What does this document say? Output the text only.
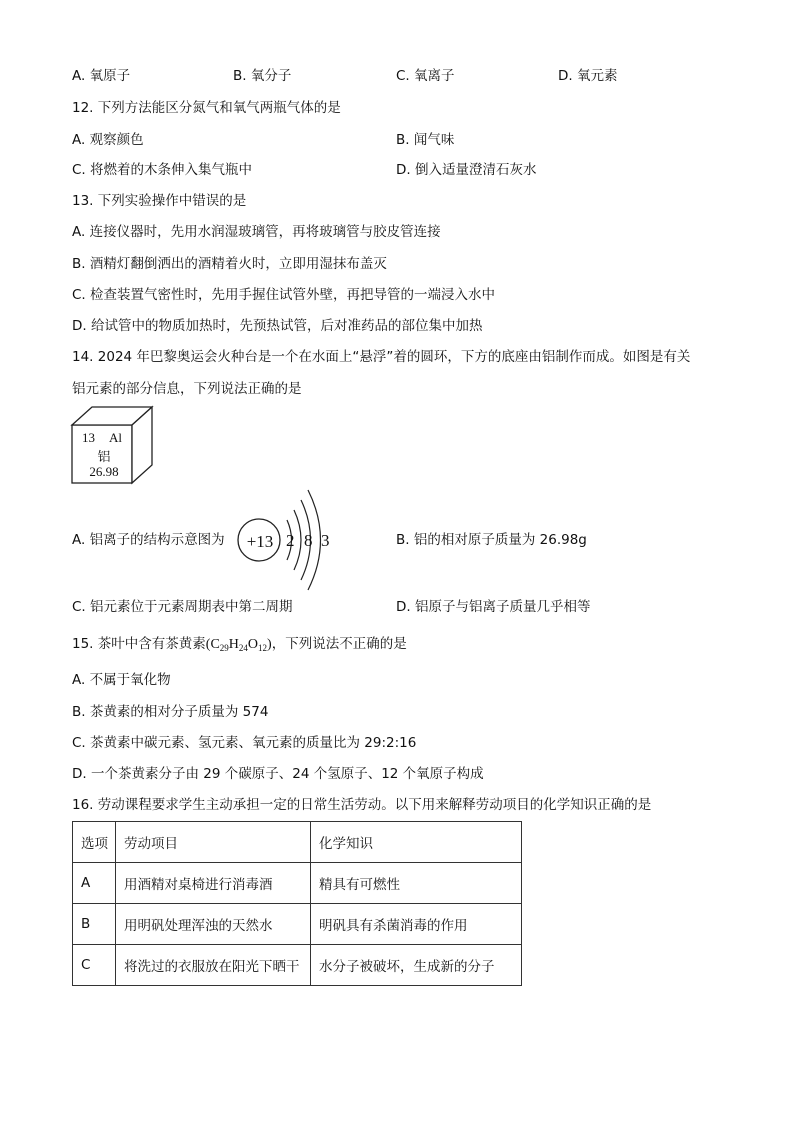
A. 氧原子	B. 氧分子	C. 氧离子	D. 氧元素
12. 下列方法能区分氮气和氧气两瓶气体的是
A. 观察颜色	B. 闻气味
C. 将燃着的木条伸入集气瓶中	D. 倒入适量澄清石灰水
13. 下列实验操作中错误的是
A. 连接仪器时，先用水润湿玻璃管，再将玻璃管与胶皮管连接
B. 酒精灯翻倒洒出的酒精着火时，立即用湿抹布盖灭
C. 检查装置气密性时，先用手握住试管外壁，再把导管的一端浸入水中
D. 给试管中的物质加热时，先预热试管，后对准药品的部位集中加热
14. 2024 年巴黎奥运会火种台是一个在水面上“悬浮”着的圆环，下方的底座由铝制作而成。如图是有关
铝元素的部分信息，下列说法正确的是
13 Al
铝
26.98
A. 铝离子的结构示意图为	+13 2 8 3	B. 铝的相对原子质量为 26.98g
C. 铝元素位于元素周期表中第二周期	D. 铝原子与铝离子质量几乎相等
15. 茶叶中含有茶黄素$(C_{29}H_{24}O_{12})$，下列说法不正确的是
A. 不属于氧化物
B. 茶黄素的相对分子质量为 574
C. 茶黄素中碳元素、氢元素、氧元素的质量比为 29:2:16
D. 一个茶黄素分子由 29 个碳原子、24 个氢原子、12 个氧原子构成
16. 劳动课程要求学生主动承担一定的日常生活劳动。以下用来解释劳动项目的化学知识正确的是
选项	劳动项目	化学知识
A	用酒精对桌椅进行消毒酒	精具有可燃性
B	用明矾处理浑浊的天然水	明矾具有杀菌消毒的作用
C	将洗过的衣服放在阳光下晒干	水分子被破坏，生成新的分子
